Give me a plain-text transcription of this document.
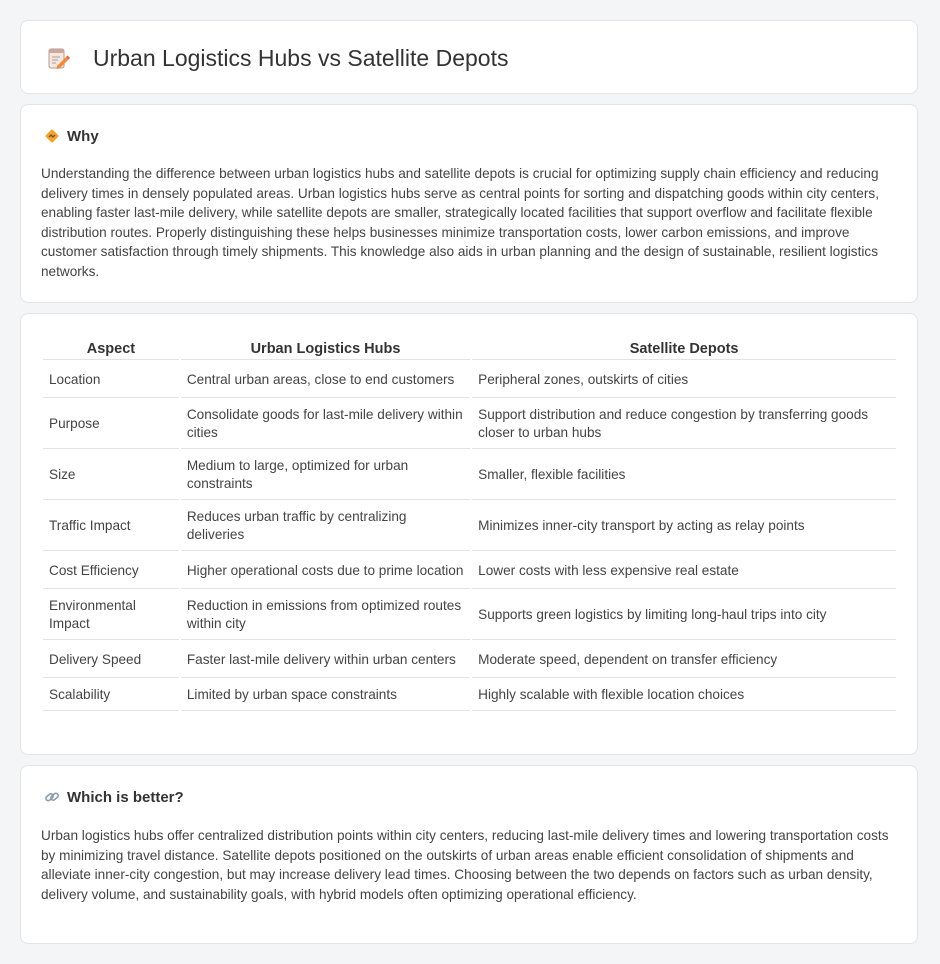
Urban Logistics Hubs vs Satellite Depots
Why

Understanding the difference between urban logistics hubs and satellite depots is crucial for optimizing supply chain efficiency and reducing delivery times in densely populated areas. Urban logistics hubs serve as central points for sorting and dispatching goods within city centers, enabling faster last-mile delivery, while satellite depots are smaller, strategically located facilities that support overflow and facilitate flexible distribution routes. Properly distinguishing these helps businesses minimize transportation costs, lower carbon emissions, and improve customer satisfaction through timely shipments. This knowledge also aids in urban planning and the design of sustainable, resilient logistics networks.

Aspect	Urban Logistics Hubs	Satellite Depots
Location	Central urban areas, close to end customers	Peripheral zones, outskirts of cities
Purpose	Consolidate goods for last-mile delivery within cities	Support distribution and reduce congestion by transferring goods closer to urban hubs
Size	Medium to large, optimized for urban constraints	Smaller, flexible facilities
Traffic Impact	Reduces urban traffic by centralizing deliveries	Minimizes inner-city transport by acting as relay points
Cost Efficiency	Higher operational costs due to prime location	Lower costs with less expensive real estate
Environmental Impact	Reduction in emissions from optimized routes within city	Supports green logistics by limiting long-haul trips into city
Delivery Speed	Faster last-mile delivery within urban centers	Moderate speed, dependent on transfer efficiency
Scalability	Limited by urban space constraints	Highly scalable with flexible location choices
Which is better?

Urban logistics hubs offer centralized distribution points within city centers, reducing last-mile delivery times and lowering transportation costs by minimizing travel distance. Satellite depots positioned on the outskirts of urban areas enable efficient consolidation of shipments and alleviate inner-city congestion, but may increase delivery lead times. Choosing between the two depends on factors such as urban density, delivery volume, and sustainability goals, with hybrid models often optimizing operational efficiency.
